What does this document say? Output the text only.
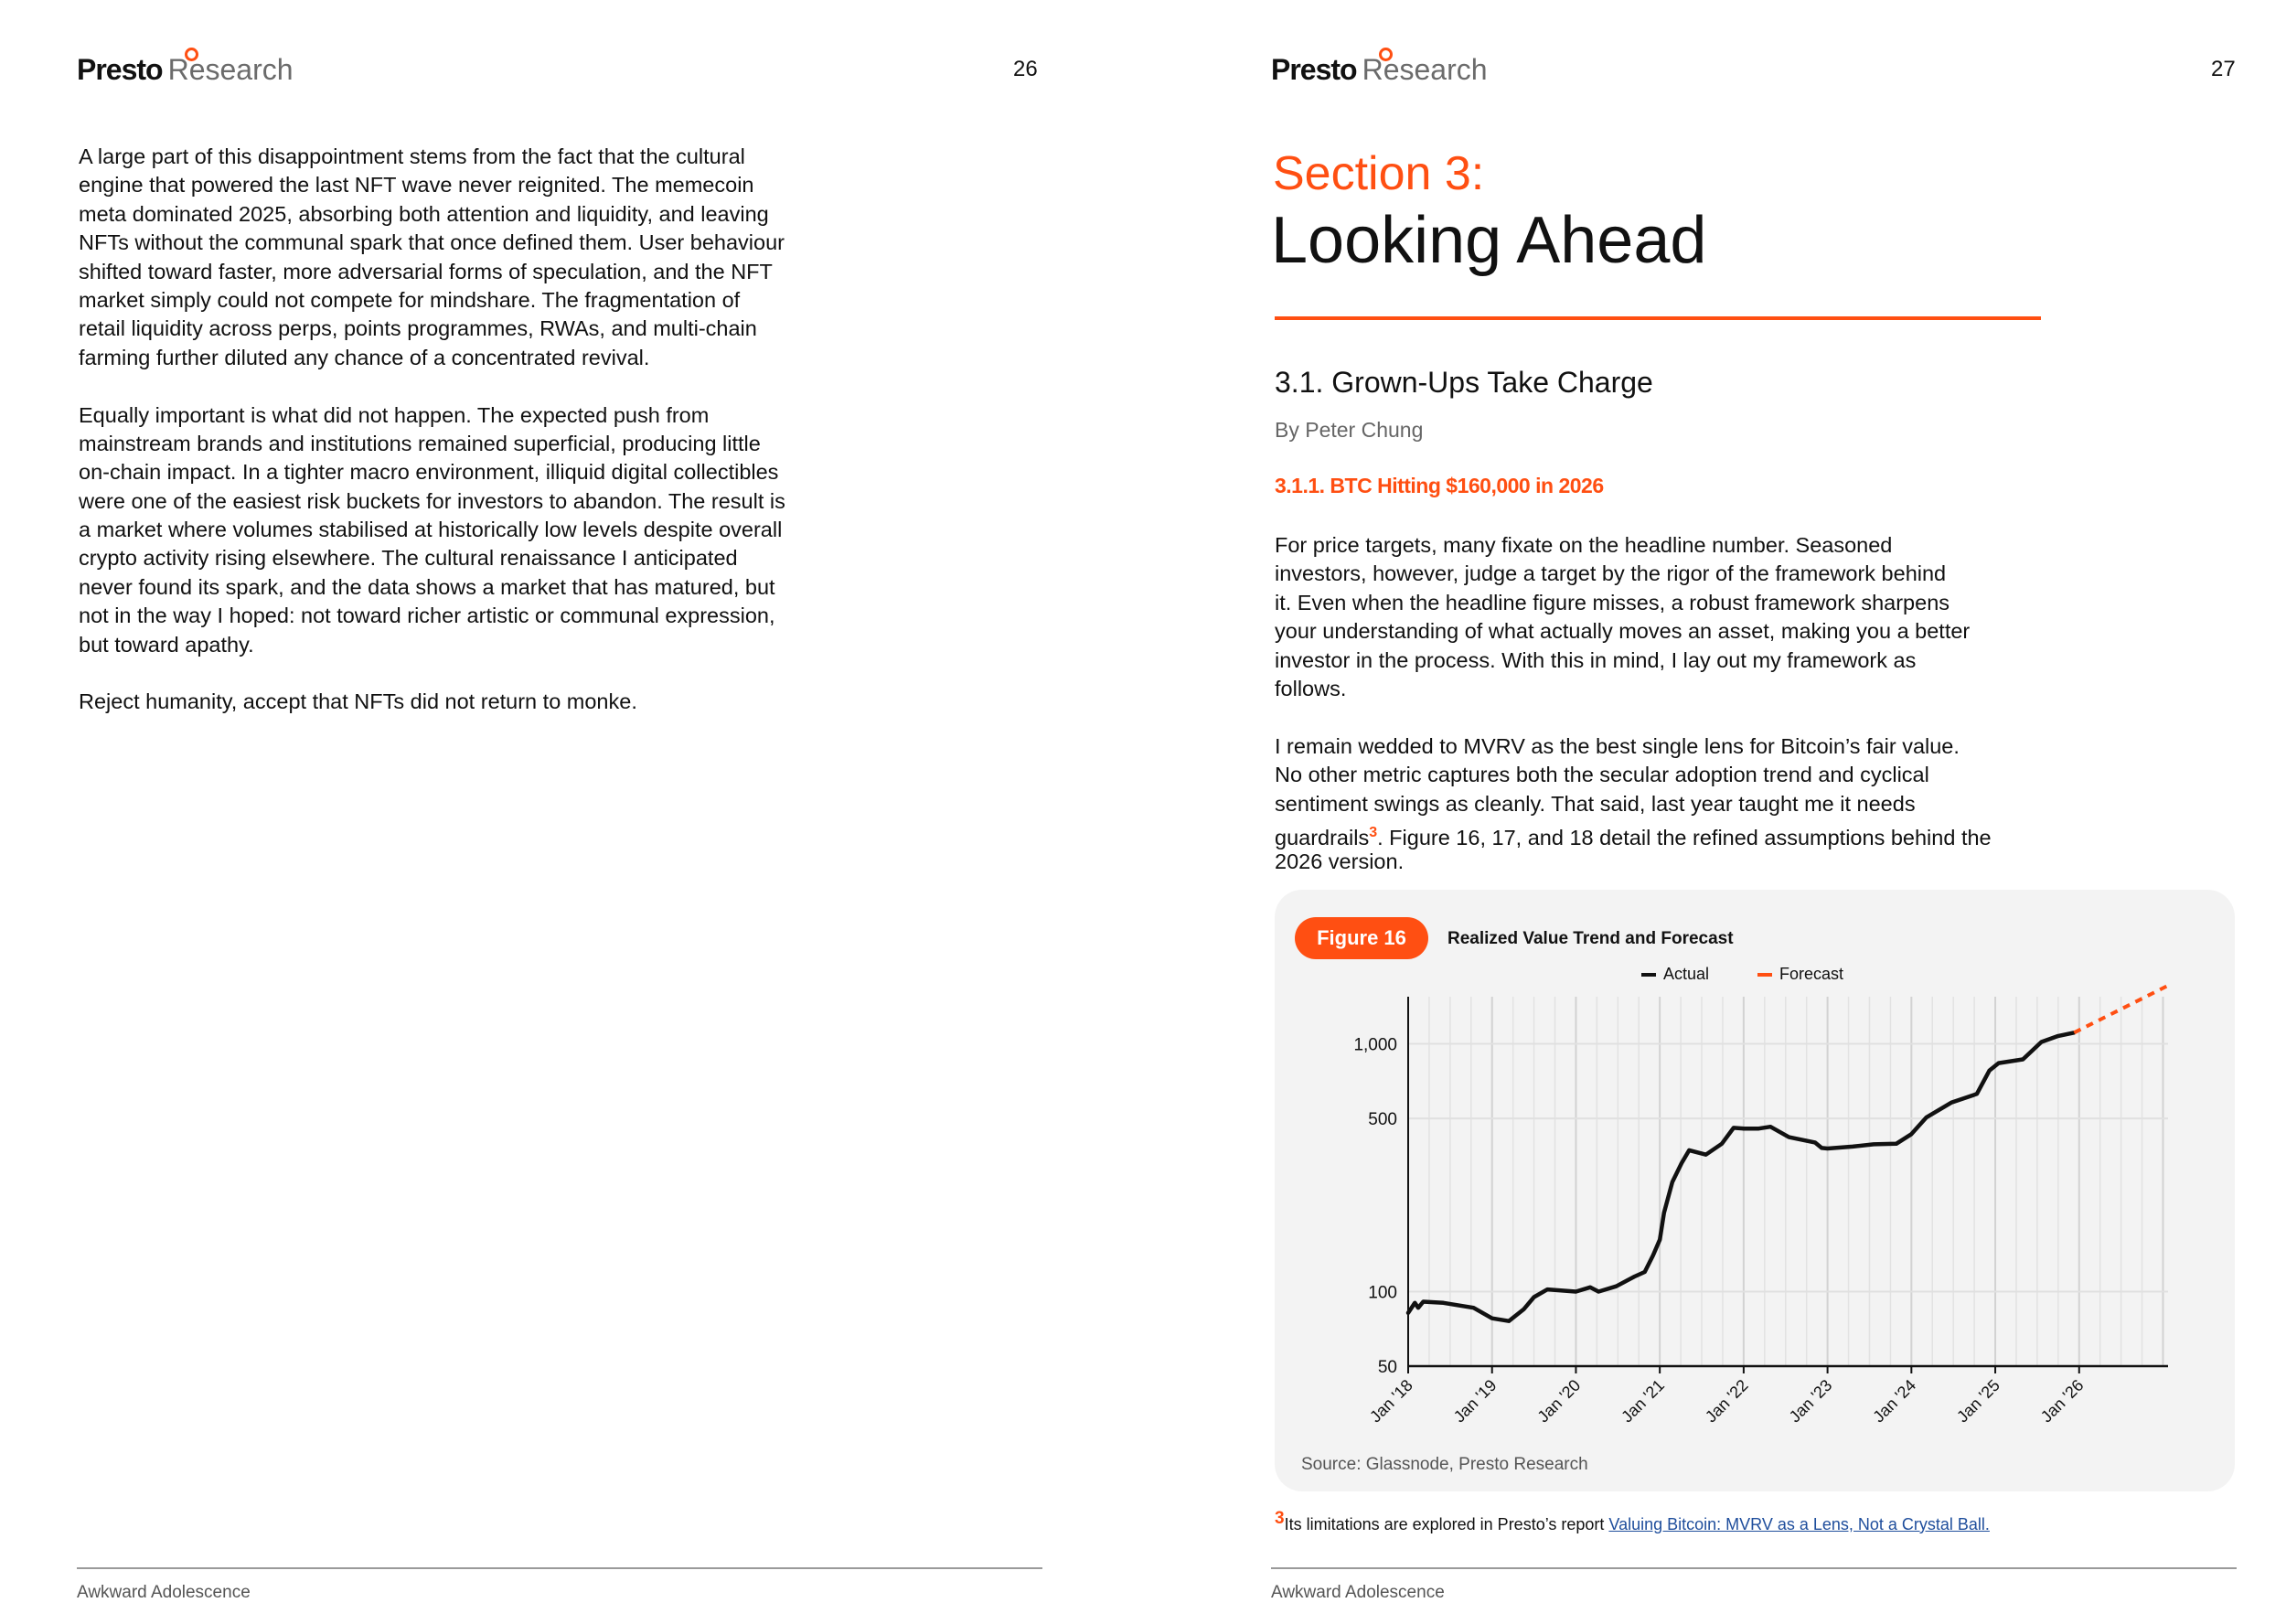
Presto Research	26
A large part of this disappointment stems from the fact that the cultural
engine that powered the last NFT wave never reignited. The memecoin
meta dominated 2025, absorbing both attention and liquidity, and leaving
NFTs without the communal spark that once defined them. User behaviour
shifted toward faster, more adversarial forms of speculation, and the NFT
market simply could not compete for mindshare. The fragmentation of
retail liquidity across perps, points programmes, RWAs, and multi-chain
farming further diluted any chance of a concentrated revival.
Equally important is what did not happen. The expected push from
mainstream brands and institutions remained superficial, producing little
on-chain impact. In a tighter macro environment, illiquid digital collectibles
were one of the easiest risk buckets for investors to abandon. The result is
a market where volumes stabilised at historically low levels despite overall
crypto activity rising elsewhere. The cultural renaissance I anticipated
never found its spark, and the data shows a market that has matured, but
not in the way I hoped: not toward richer artistic or communal expression,
but toward apathy.
Reject humanity, accept that NFTs did not return to monke.
Awkward Adolescence
Presto Research	27
Section 3:
Looking Ahead
3.1. Grown-Ups Take Charge
By Peter Chung
3.1.1. BTC Hitting $160,000 in 2026
For price targets, many fixate on the headline number. Seasoned
investors, however, judge a target by the rigor of the framework behind
it. Even when the headline figure misses, a robust framework sharpens
your understanding of what actually moves an asset, making you a better
investor in the process. With this in mind, I lay out my framework as
follows.
I remain wedded to MVRV as the best single lens for Bitcoin’s fair value.
No other metric captures both the secular adoption trend and cyclical
sentiment swings as cleanly. That said, last year taught me it needs
guardrails$^3$. Figure 16, 17, and 18 detail the refined assumptions behind the
2026 version.
Figure 16	Realized Value Trend and Forecast
Actual	Forecast
50
100
500
1,000
Jan '18 Jan '19 Jan '20 Jan '21 Jan '22 Jan '23 Jan '24 Jan '25 Jan '26
Source: Glassnode, Presto Research
$^3$Its limitations are explored in Presto’s report Valuing Bitcoin: MVRV as a Lens, Not a Crystal Ball.
Awkward Adolescence
